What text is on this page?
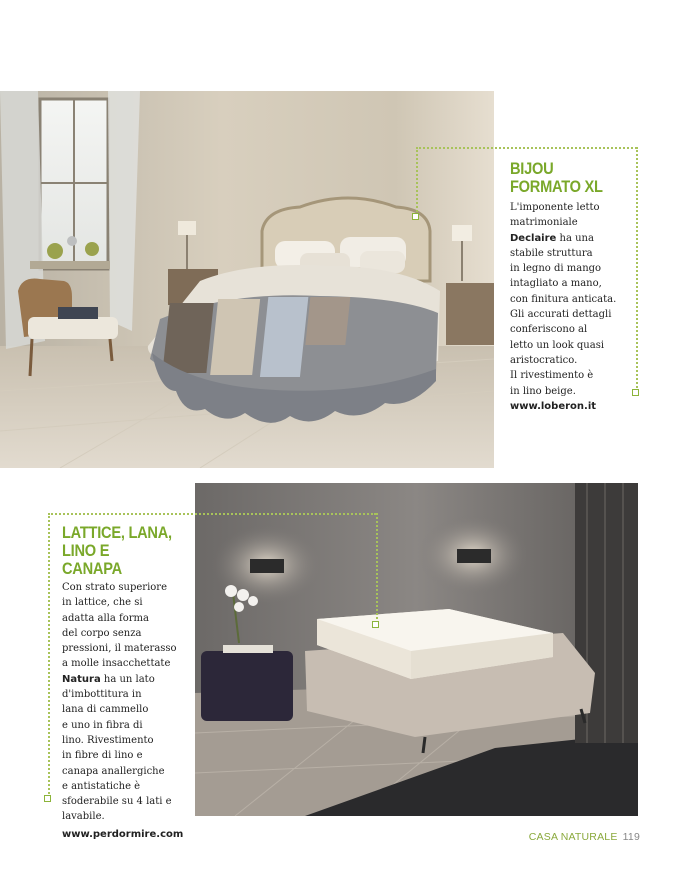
BIJOU
FORMATO XL
L'imponente letto
matrimoniale
Declaire ha una
stabile struttura
in legno di mango
intagliato a mano,
con finitura anticata.
Gli accurati dettagli
conferiscono al
letto un look quasi
aristocratico.
Il rivestimento è
in lino beige.
www.loberon.it
LATTICE, LANA,
LINO E CANAPA
Con strato superiore
in lattice, che si
adatta alla forma
del corpo senza
pressioni, il materasso
a molle insacchettate
Natura ha un lato
d'imbottitura in
lana di cammello
e uno in fibra di
lino. Rivestimento
in fibre di lino e
canapa anallergiche
e antistatiche è
sfoderabile su 4 lati e
lavabile.
www.perdormire.com	CASA NATURALE 119
